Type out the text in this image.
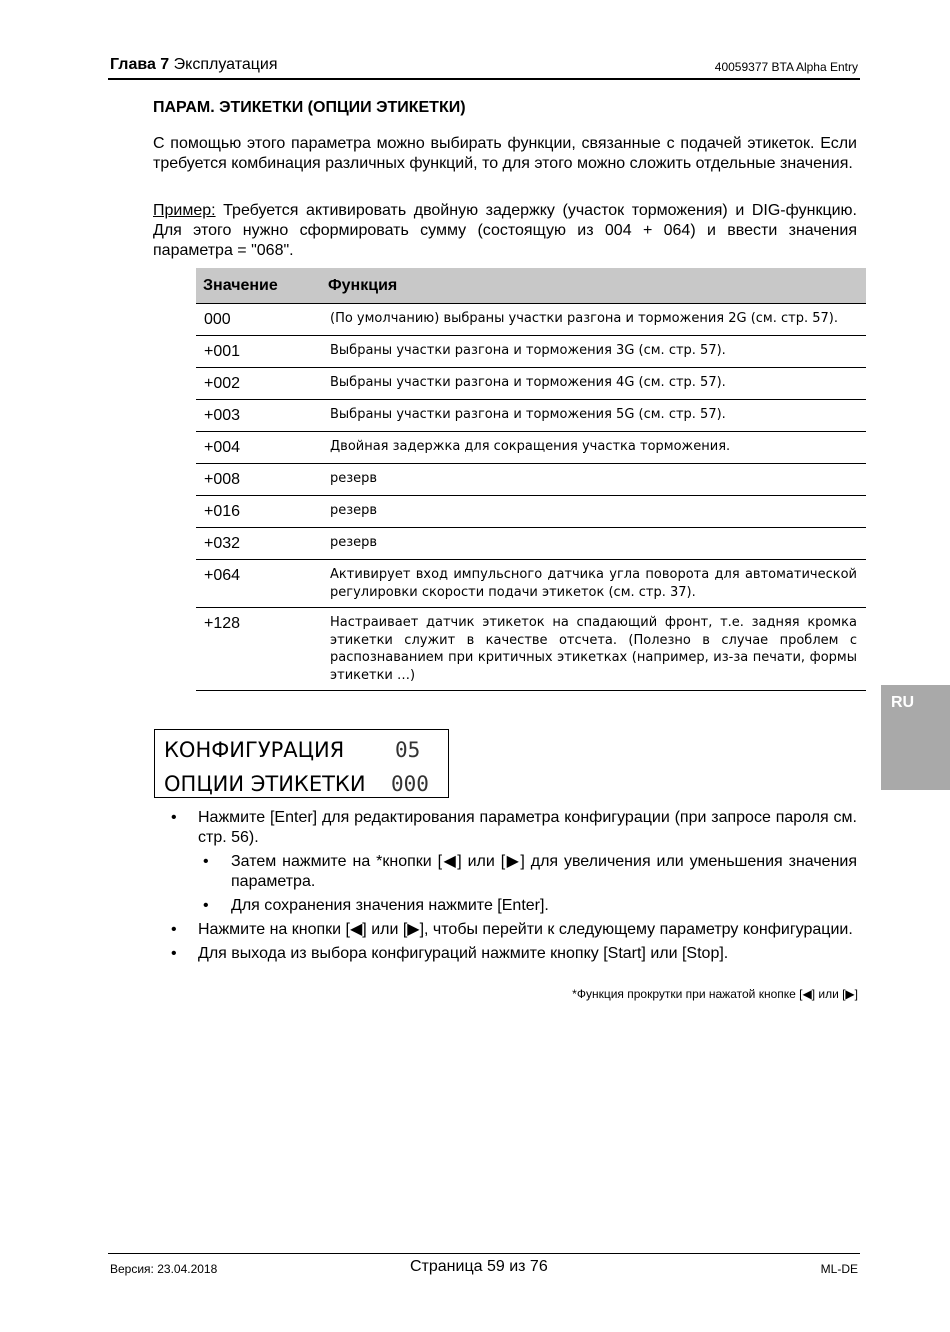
Глава 7 Эксплуатация	40059377 BTA Alpha Entry
ПАРАМ. ЭТИКЕТКИ (ОПЦИИ ЭТИКЕТКИ)
С помощью этого параметра можно выбирать функции, связанные с подачей этикеток. Если требуется комбинация различных функций, то для этого можно сложить отдельные значения.
Пример: Требуется активировать двойную задержку (участок торможения) и DIG-функцию. Для этого нужно сформировать сумму (состоящую из 004 + 064) и ввести значения параметра = "068".
Значение	Функция
000	(По умолчанию) выбраны участки разгона и торможения 2G (см. стр. 57).
+001	Выбраны участки разгона и торможения 3G (см. стр. 57).
+002	Выбраны участки разгона и торможения 4G (см. стр. 57).
+003	Выбраны участки разгона и торможения 5G (см. стр. 57).
+004	Двойная задержка для сокращения участка торможения.
+008	резерв
+016	резерв
+032	резерв
+064	Активирует вход импульсного датчика угла поворота для автоматической регулировки скорости подачи этикеток (см. стр. 37).
+128	Настраивает датчик этикеток на спадающий фронт, т.е. задняя кромка этикетки служит в качестве отсчета. (Полезно в случае проблем с распознаванием при критичных этикетках (например, из-за печати, формы этикетки …)
RU
КОНФИГУРАЦИЯ 05
ОПЦИИ ЭТИКЕТКИ 000
• Нажмите [Enter] для редактирования параметра конфигурации (при запросе пароля см. стр. 56).
• Затем нажмите на *кнопки [◀] или [▶] для увеличения или уменьшения значения параметра.
• Для сохранения значения нажмите [Enter].
• Нажмите на кнопки [◀] или [▶], чтобы перейти к следующему параметру конфигурации.
• Для выхода из выбора конфигураций нажмите кнопку [Start] или [Stop].
*Функция прокрутки при нажатой кнопке [◀] или [▶]
Версия: 23.04.2018	Страница 59 из 76	ML-DE
